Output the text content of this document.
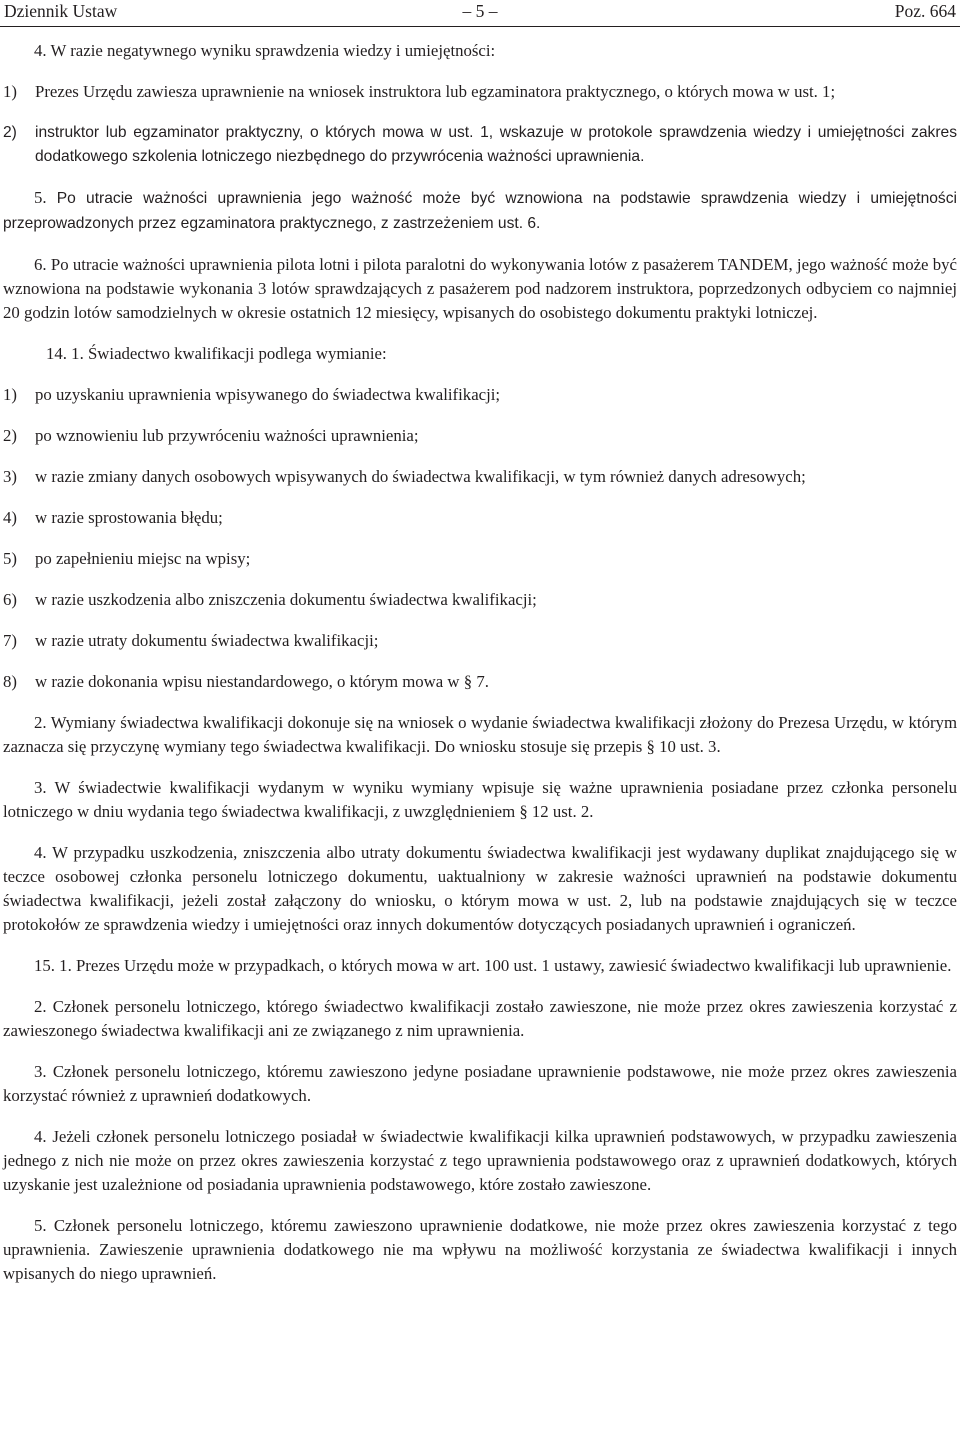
Dziennik Ustaw	– 5 –	Poz. 664
4. W razie negatywnego wyniku sprawdzenia wiedzy i umiejętności:
1) Prezes Urzędu zawiesza uprawnienie na wniosek instruktora lub egzaminatora praktycznego, o których mowa w ust. 1;
2) instruktor lub egzaminator praktyczny, o których mowa w ust. 1, wskazuje w protokole sprawdzenia wiedzy i umiejętności zakres dodatkowego szkolenia lotniczego niezbędnego do przywrócenia ważności uprawnienia.
5. Po utracie ważności uprawnienia jego ważność może być wznowiona na podstawie sprawdzenia wiedzy i umiejętności przeprowadzonych przez egzaminatora praktycznego, z zastrzeżeniem ust. 6.
6. Po utracie ważności uprawnienia pilota lotni i pilota paralotni do wykonywania lotów z pasażerem TANDEM, jego ważność może być wznowiona na podstawie wykonania 3 lotów sprawdzających z pasażerem pod nadzorem instruktora, poprzedzonych odbyciem co najmniej 20 godzin lotów samodzielnych w okresie ostatnich 12 miesięcy, wpisanych do osobistego dokumentu praktyki lotniczej.
14. 1. Świadectwo kwalifikacji podlega wymianie:
1) po uzyskaniu uprawnienia wpisywanego do świadectwa kwalifikacji;
2) po wznowieniu lub przywróceniu ważności uprawnienia;
3) w razie zmiany danych osobowych wpisywanych do świadectwa kwalifikacji, w tym również danych adresowych;
4) w razie sprostowania błędu;
5) po zapełnieniu miejsc na wpisy;
6) w razie uszkodzenia albo zniszczenia dokumentu świadectwa kwalifikacji;
7) w razie utraty dokumentu świadectwa kwalifikacji;
8) w razie dokonania wpisu niestandardowego, o którym mowa w § 7.
2. Wymiany świadectwa kwalifikacji dokonuje się na wniosek o wydanie świadectwa kwalifikacji złożony do Prezesa Urzędu, w którym zaznacza się przyczynę wymiany tego świadectwa kwalifikacji. Do wniosku stosuje się przepis § 10 ust. 3.
3. W świadectwie kwalifikacji wydanym w wyniku wymiany wpisuje się ważne uprawnienia posiadane przez członka personelu lotniczego w dniu wydania tego świadectwa kwalifikacji, z uwzględnieniem § 12 ust. 2.
4. W przypadku uszkodzenia, zniszczenia albo utraty dokumentu świadectwa kwalifikacji jest wydawany duplikat znajdującego się w teczce osobowej członka personelu lotniczego dokumentu, uaktualniony w zakresie ważności uprawnień na podstawie dokumentu świadectwa kwalifikacji, jeżeli został załączony do wniosku, o którym mowa w ust. 2, lub na podstawie znajdujących się w teczce protokołów ze sprawdzenia wiedzy i umiejętności oraz innych dokumentów dotyczących posiadanych uprawnień i ograniczeń.
15. 1. Prezes Urzędu może w przypadkach, o których mowa w art. 100 ust. 1 ustawy, zawiesić świadectwo kwalifikacji lub uprawnienie.
2. Członek personelu lotniczego, którego świadectwo kwalifikacji zostało zawieszone, nie może przez okres zawieszenia korzystać z zawieszonego świadectwa kwalifikacji ani ze związanego z nim uprawnienia.
3. Członek personelu lotniczego, któremu zawieszono jedyne posiadane uprawnienie podstawowe, nie może przez okres zawieszenia korzystać również z uprawnień dodatkowych.
4. Jeżeli członek personelu lotniczego posiadał w świadectwie kwalifikacji kilka uprawnień podstawowych, w przypadku zawieszenia jednego z nich nie może on przez okres zawieszenia korzystać z tego uprawnienia podstawowego oraz z uprawnień dodatkowych, których uzyskanie jest uzależnione od posiadania uprawnienia podstawowego, które zostało zawieszone.
5. Członek personelu lotniczego, któremu zawieszono uprawnienie dodatkowe, nie może przez okres zawieszenia korzystać z tego uprawnienia. Zawieszenie uprawnienia dodatkowego nie ma wpływu na możliwość korzystania ze świadectwa kwalifikacji i innych wpisanych do niego uprawnień.
